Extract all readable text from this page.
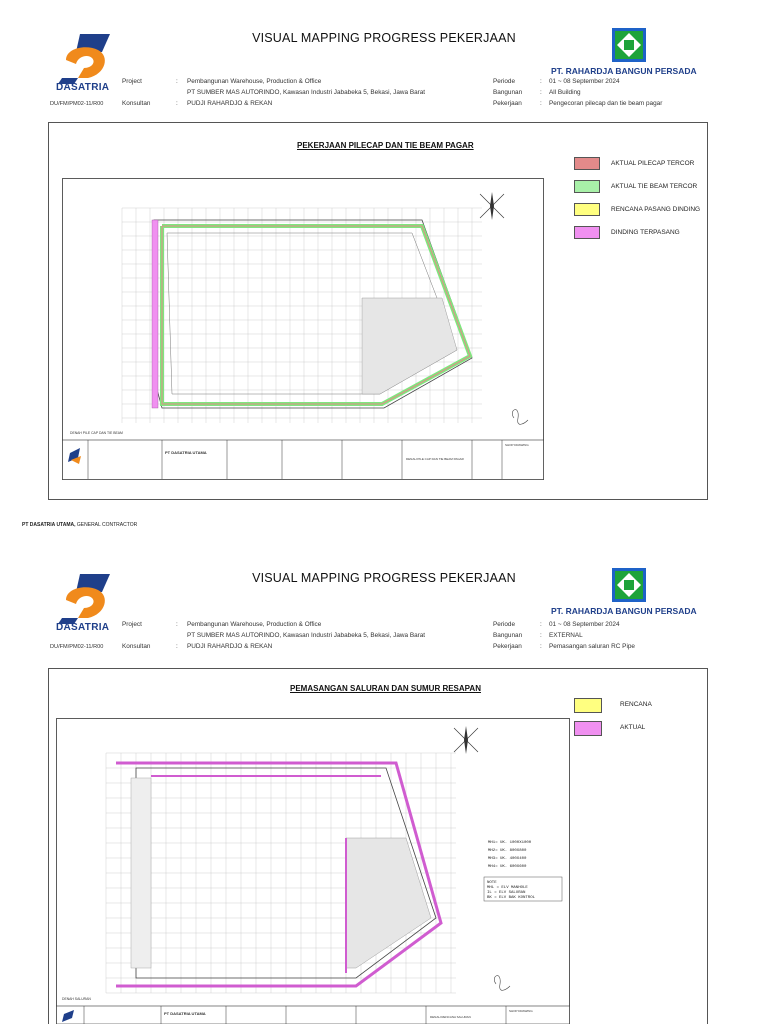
DASATRIA
VISUAL MAPPING PROGRESS PEKERJAAN
PT. RAHARDJA BANGUN PERSADA
Project	: Pembangunan Warehouse, Production & Office
PT SUMBER MAS AUTORINDO, Kawasan Industri Jababeka 5, Bekasi, Jawa Barat
Konsultan	: PUDJI RAHARDJO & REKAN
DU/FM/PM02-11/R00
Periode	: 01 ~ 08 September 2024
Bangunan	: All Building
Pekerjaan	: Pengecoran pilecap dan tie beam pagar
PEKERJAAN PILECAP DAN TIE BEAM PAGAR
AKTUAL PILECAP TERCOR
AKTUAL TIE BEAM TERCOR
RENCANA PASANG DINDING
DINDING TERPASANG
DENAH PILE CAP DAN TIE BEAM
PT DASATRIA UTAMA
DENAH PILE CAP DAN TIE BEAM PAGAR
SHOP DRAWING
PT DASATRIA UTAMA, GENERAL CONTRACTOR
DASATRIA
VISUAL MAPPING PROGRESS PEKERJAAN
PT. RAHARDJA BANGUN PERSADA
Project	: Pembangunan Warehouse, Production & Office
PT SUMBER MAS AUTORINDO, Kawasan Industri Jababeka 5, Bekasi, Jawa Barat
Konsultan	: PUDJI RAHARDJO & REKAN
DU/FM/PM02-11/R00
Periode	: 01 ~ 08 September 2024
Bangunan	: EXTERNAL
Pekerjaan	: Pemasangan saluran RC Pipe
PEMASANGAN SALURAN DAN SUMUR RESAPAN
RENCANA
AKTUAL
MH1= UK. 1000X1000
MH2= UK. 800X800
MH3= UK. 400X400
MH4= UK. 600X600
NOTE
MHL = ELV MANHOLE
IL = ELV SALURAN
BK = ELV BAK KONTROL
DENAH SALURAN
PT DASATRIA UTAMA
DENAH RENCANA SALURAN
SHOP DRAWING
